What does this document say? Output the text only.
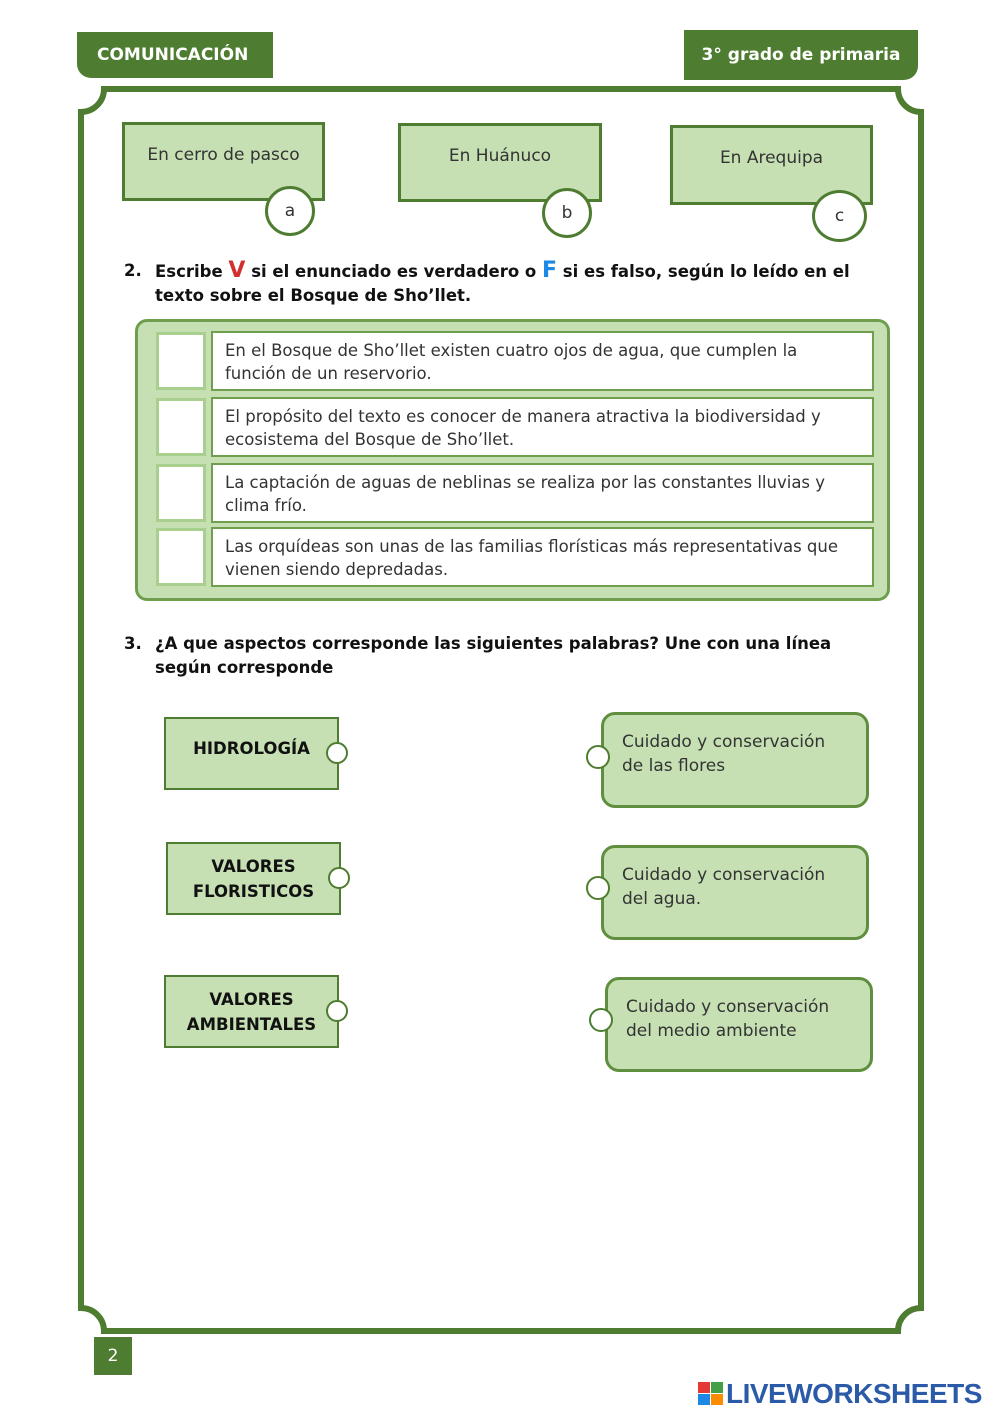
COMUNICACIÓN	3° grado de primaria
En cerro de pasco
a
En Huánuco
b
En Arequipa
c
2. Escribe V si el enunciado es verdadero o F si es falso, según lo leído en el texto sobre el Bosque de Sho’llet.
En el Bosque de Sho’llet existen cuatro ojos de agua, que cumplen la función de un reservorio.
El propósito del texto es conocer de manera atractiva la biodiversidad y ecosistema del Bosque de Sho’llet.
La captación de aguas de neblinas se realiza por las constantes lluvias y clima frío.
Las orquídeas son unas de las familias florísticas más representativas que vienen siendo depredadas.
3. ¿A que aspectos corresponde las siguientes palabras? Une con una línea según corresponde
HIDROLOGÍA
VALORES FLORISTICOS
VALORES AMBIENTALES
Cuidado y conservación de las flores
Cuidado y conservación del agua.
Cuidado y conservación del medio ambiente
2
LIVEWORKSHEETS
